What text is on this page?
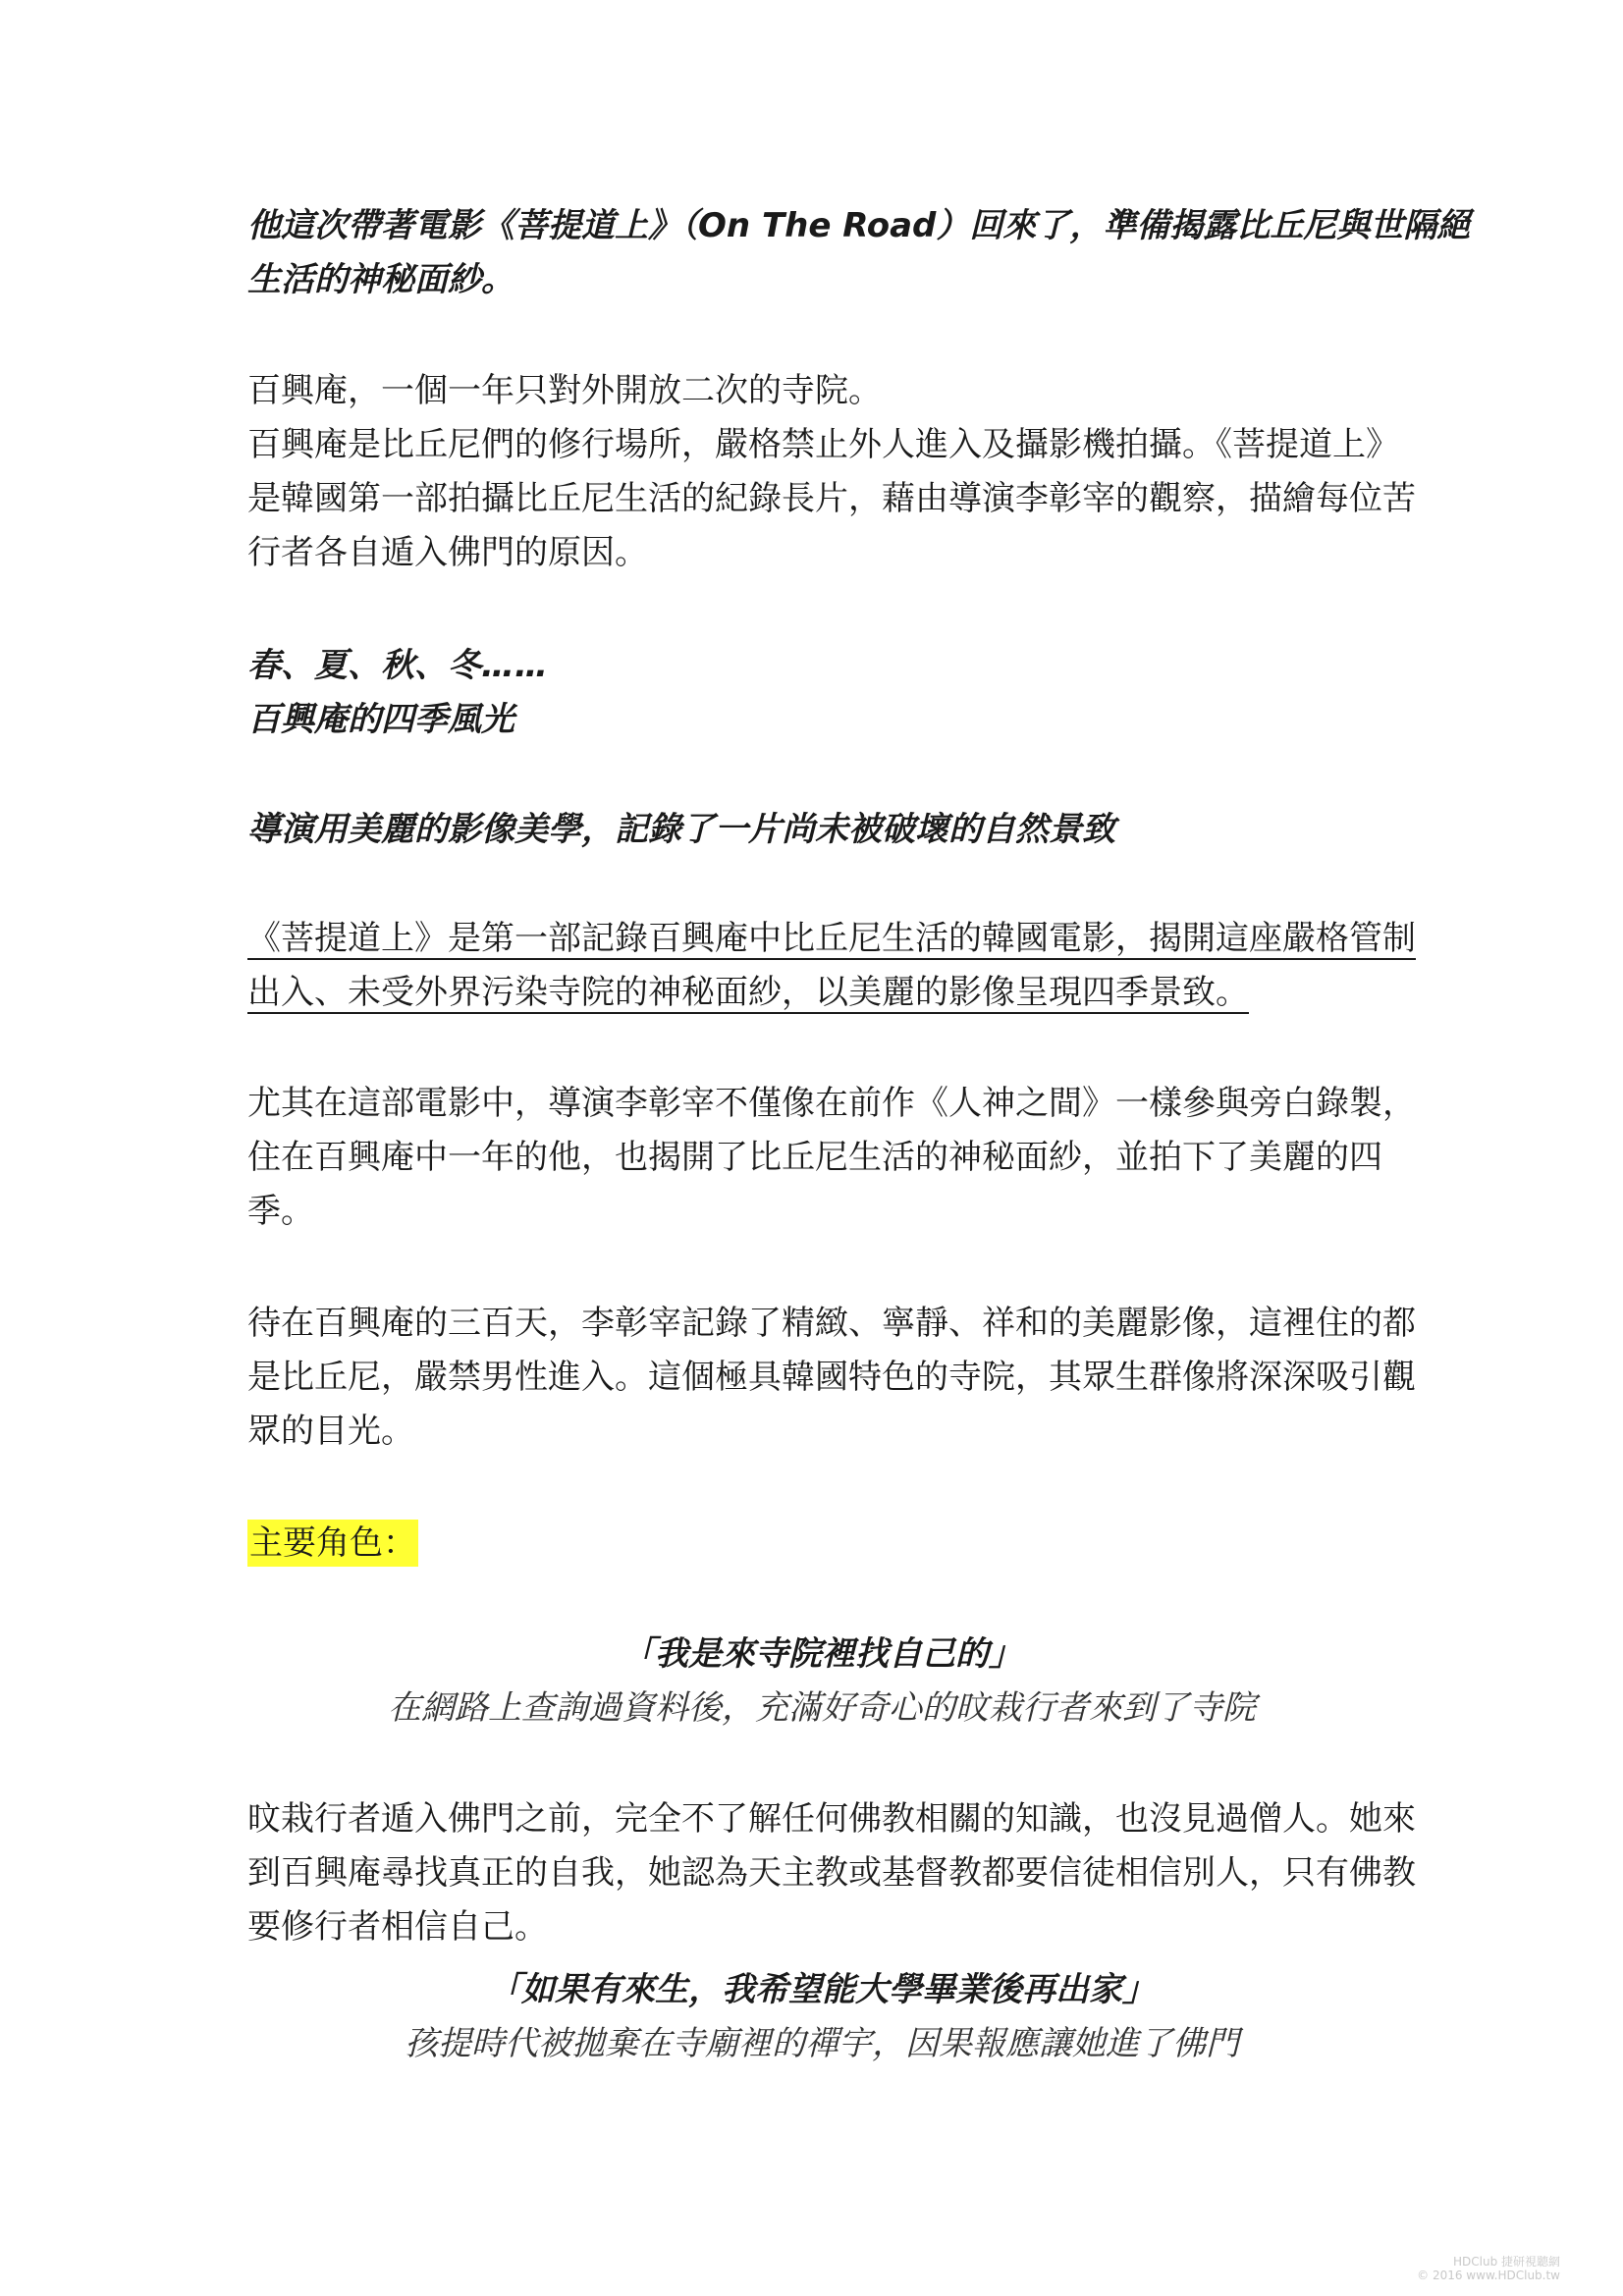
他這次帶著電影《菩提道上》（On The Road）回來了，準備揭露比丘尼與世隔絕
生活的神秘面紗。

百興庵，一個一年只對外開放二次的寺院。
百興庵是比丘尼們的修行場所，嚴格禁止外人進入及攝影機拍攝。《菩提道上》
是韓國第一部拍攝比丘尼生活的紀錄長片，藉由導演李彰宰的觀察，描繪每位苦
行者各自遁入佛門的原因。

春、夏、秋、冬……
百興庵的四季風光

導演用美麗的影像美學，記錄了一片尚未被破壞的自然景致

《菩提道上》是第一部記錄百興庵中比丘尼生活的韓國電影，揭開這座嚴格管制
出入、未受外界污染寺院的神秘面紗，以美麗的影像呈現四季景致。

尤其在這部電影中，導演李彰宰不僅像在前作《人神之間》一樣參與旁白錄製，
住在百興庵中一年的他，也揭開了比丘尼生活的神秘面紗，並拍下了美麗的四
季。

待在百興庵的三百天，李彰宰記錄了精緻、寧靜、祥和的美麗影像，這裡住的都
是比丘尼，嚴禁男性進入。這個極具韓國特色的寺院，其眾生群像將深深吸引觀
眾的目光。

主要角色：

「我是來寺院裡找自己的」
在網路上查詢過資料後，充滿好奇心的旼栽行者來到了寺院

旼栽行者遁入佛門之前，完全不了解任何佛教相關的知識，也沒見過僧人。她來
到百興庵尋找真正的自我，她認為天主教或基督教都要信徒相信別人，只有佛教
要修行者相信自己。

「如果有來生，我希望能大學畢業後再出家」
孩提時代被拋棄在寺廟裡的禪宇，因果報應讓她進了佛門

HDClub 捷研視聽網
© 2016 www.HDClub.tw
